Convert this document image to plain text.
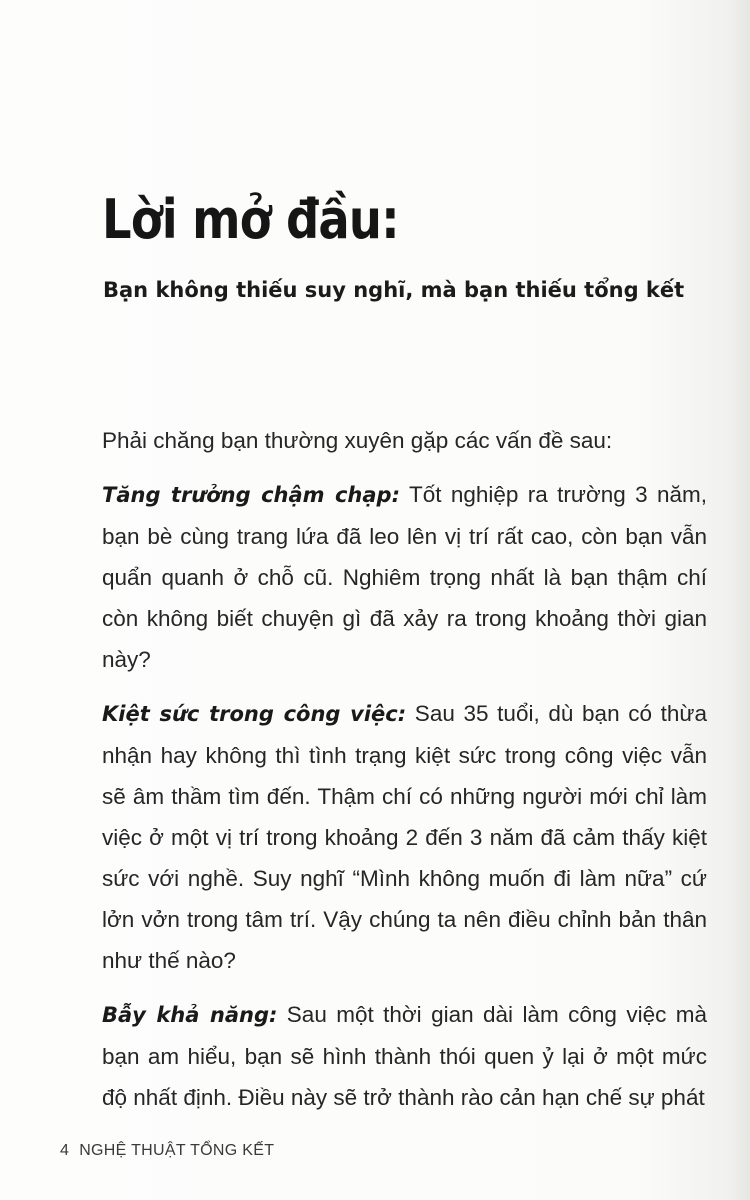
Lời mở đầu:
Bạn không thiếu suy nghĩ, mà bạn thiếu tổng kết

Phải chăng bạn thường xuyên gặp các vấn đề sau:

Tăng trưởng chậm chạp: Tốt nghiệp ra trường 3 năm, bạn bè cùng trang lứa đã leo lên vị trí rất cao, còn bạn vẫn quẩn quanh ở chỗ cũ. Nghiêm trọng nhất là bạn thậm chí còn không biết chuyện gì đã xảy ra trong khoảng thời gian này?

Kiệt sức trong công việc: Sau 35 tuổi, dù bạn có thừa nhận hay không thì tình trạng kiệt sức trong công việc vẫn sẽ âm thầm tìm đến. Thậm chí có những người mới chỉ làm việc ở một vị trí trong khoảng 2 đến 3 năm đã cảm thấy kiệt sức với nghề. Suy nghĩ “Mình không muốn đi làm nữa” cứ lởn vởn trong tâm trí. Vậy chúng ta nên điều chỉnh bản thân như thế nào?

Bẫy khả năng: Sau một thời gian dài làm công việc mà bạn am hiểu, bạn sẽ hình thành thói quen ỷ lại ở một mức độ nhất định. Điều này sẽ trở thành rào cản hạn chế sự phát

4 NGHỆ THUẬT TỔNG KẾT
